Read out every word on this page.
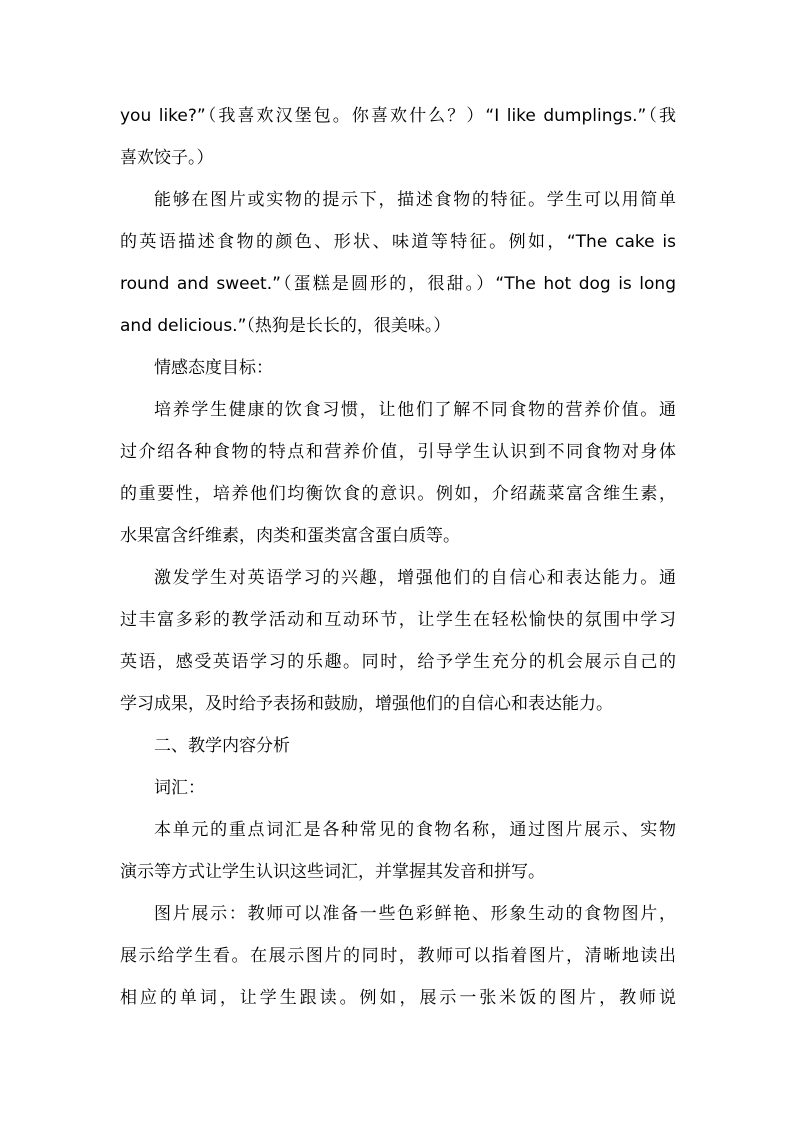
you like?”（我喜欢汉堡包。你喜欢什么？）“I like dumplings.”（我
喜欢饺子。）
能够在图片或实物的提示下，描述食物的特征。学生可以用简单
的英语描述食物的颜色、形状、味道等特征。例如，“The cake is
round and sweet.”（蛋糕是圆形的，很甜。）“The hot dog is long
and delicious.”（热狗是长长的，很美味。）
情感态度目标：
培养学生健康的饮食习惯，让他们了解不同食物的营养价值。通
过介绍各种食物的特点和营养价值，引导学生认识到不同食物对身体
的重要性，培养他们均衡饮食的意识。例如，介绍蔬菜富含维生素，
水果富含纤维素，肉类和蛋类富含蛋白质等。
激发学生对英语学习的兴趣，增强他们的自信心和表达能力。通
过丰富多彩的教学活动和互动环节，让学生在轻松愉快的氛围中学习
英语，感受英语学习的乐趣。同时，给予学生充分的机会展示自己的
学习成果，及时给予表扬和鼓励，增强他们的自信心和表达能力。
二、教学内容分析
词汇：
本单元的重点词汇是各种常见的食物名称，通过图片展示、实物
演示等方式让学生认识这些词汇，并掌握其发音和拼写。
图片展示：教师可以准备一些色彩鲜艳、形象生动的食物图片，
展示给学生看。在展示图片的同时，教师可以指着图片，清晰地读出
相应的单词，让学生跟读。例如，展示一张米饭的图片，教师说
